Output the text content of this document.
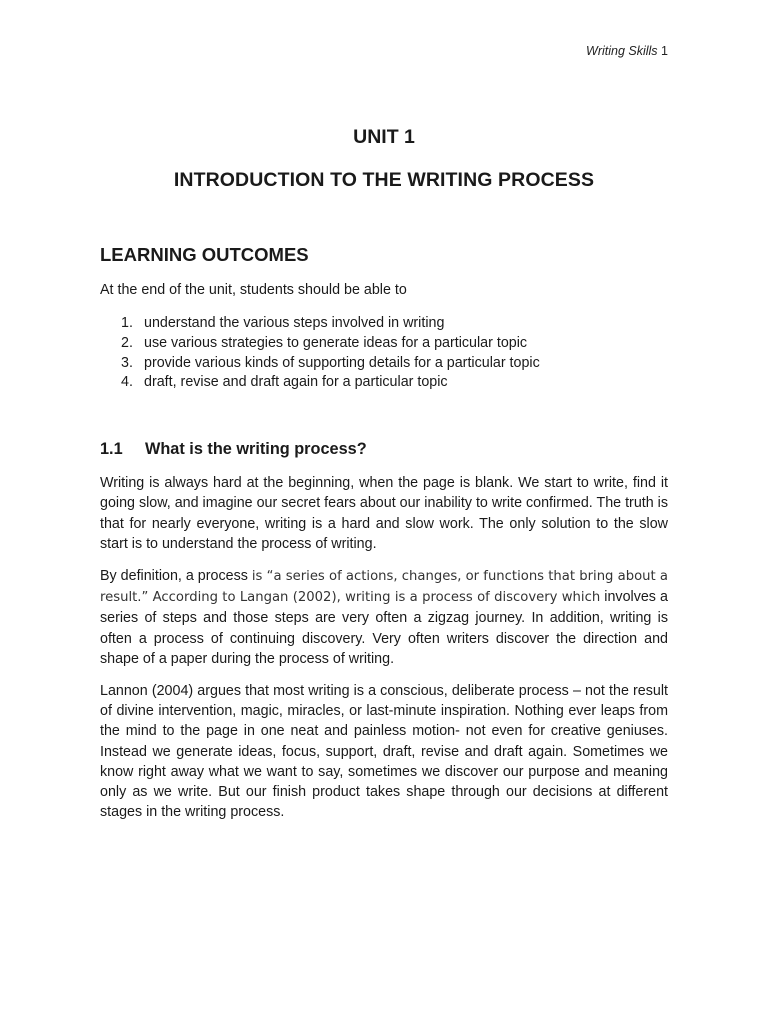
Writing Skills 1
UNIT 1
INTRODUCTION TO THE WRITING PROCESS
LEARNING OUTCOMES

At the end of the unit, students should be able to

1. understand the various steps involved in writing
2. use various strategies to generate ideas for a particular topic
3. provide various kinds of supporting details for a particular topic
4. draft, revise and draft again for a particular topic
1.1 What is the writing process?

Writing is always hard at the beginning, when the page is blank. We start to write, find it going slow, and imagine our secret fears about our inability to write confirmed. The truth is that for nearly everyone, writing is a hard and slow work. The only solution to the slow start is to understand the process of writing.

By definition, a process is “a series of actions, changes, or functions that bring about a result.” According to Langan (2002), writing is a process of discovery which involves a series of steps and those steps are very often a zigzag journey. In addition, writing is often a process of continuing discovery. Very often writers discover the direction and shape of a paper during the process of writing.

Lannon (2004) argues that most writing is a conscious, deliberate process – not the result of divine intervention, magic, miracles, or last-minute inspiration. Nothing ever leaps from the mind to the page in one neat and painless motion- not even for creative geniuses. Instead we generate ideas, focus, support, draft, revise and draft again. Sometimes we know right away what we want to say, sometimes we discover our purpose and meaning only as we write. But our finish product takes shape through our decisions at different stages in the writing process.
